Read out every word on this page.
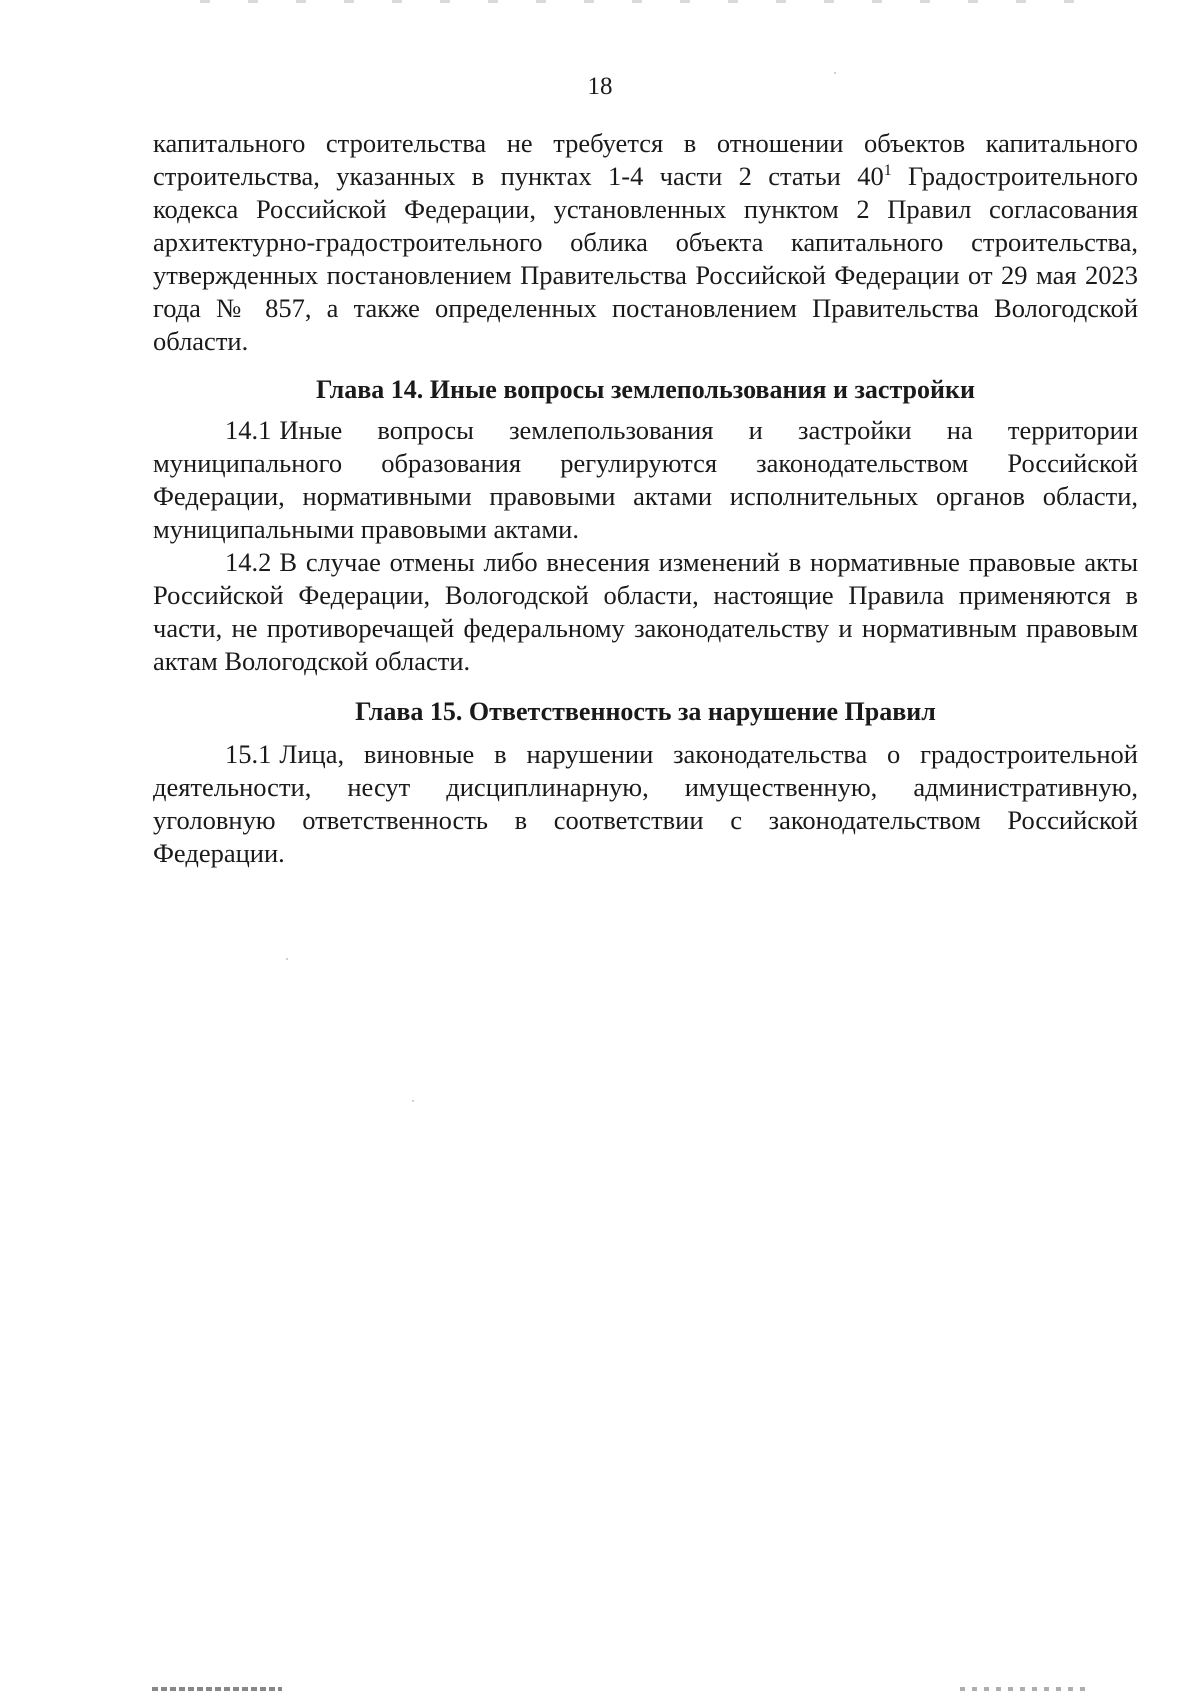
18

капитального строительства не требуется в отношении объектов капитального строительства, указанных в пунктах 1-4 части 2 статьи $40^1$ Градостроительного кодекса Российской Федерации, установленных пунктом 2 Правил согласования архитектурно-градостроительного облика объекта капитального строительства, утвержденных постановлением Правительства Российской Федерации от 29 мая 2023 года № 857, а также определенных постановлением Правительства Вологодской области.

Глава 14. Иные вопросы землепользования и застройки

14.1 Иные вопросы землепользования и застройки на территории муниципального образования регулируются законодательством Российской Федерации, нормативными правовыми актами исполнительных органов области, муниципальными правовыми актами.

14.2 В случае отмены либо внесения изменений в нормативные правовые акты Российской Федерации, Вологодской области, настоящие Правила применяются в части, не противоречащей федеральному законодательству и нормативным правовым актам Вологодской области.

Глава 15. Ответственность за нарушение Правил

15.1 Лица, виновные в нарушении законодательства о градостроительной деятельности, несут дисциплинарную, имущественную, административную, уголовную ответственность в соответствии с законодательством Российской Федерации.
